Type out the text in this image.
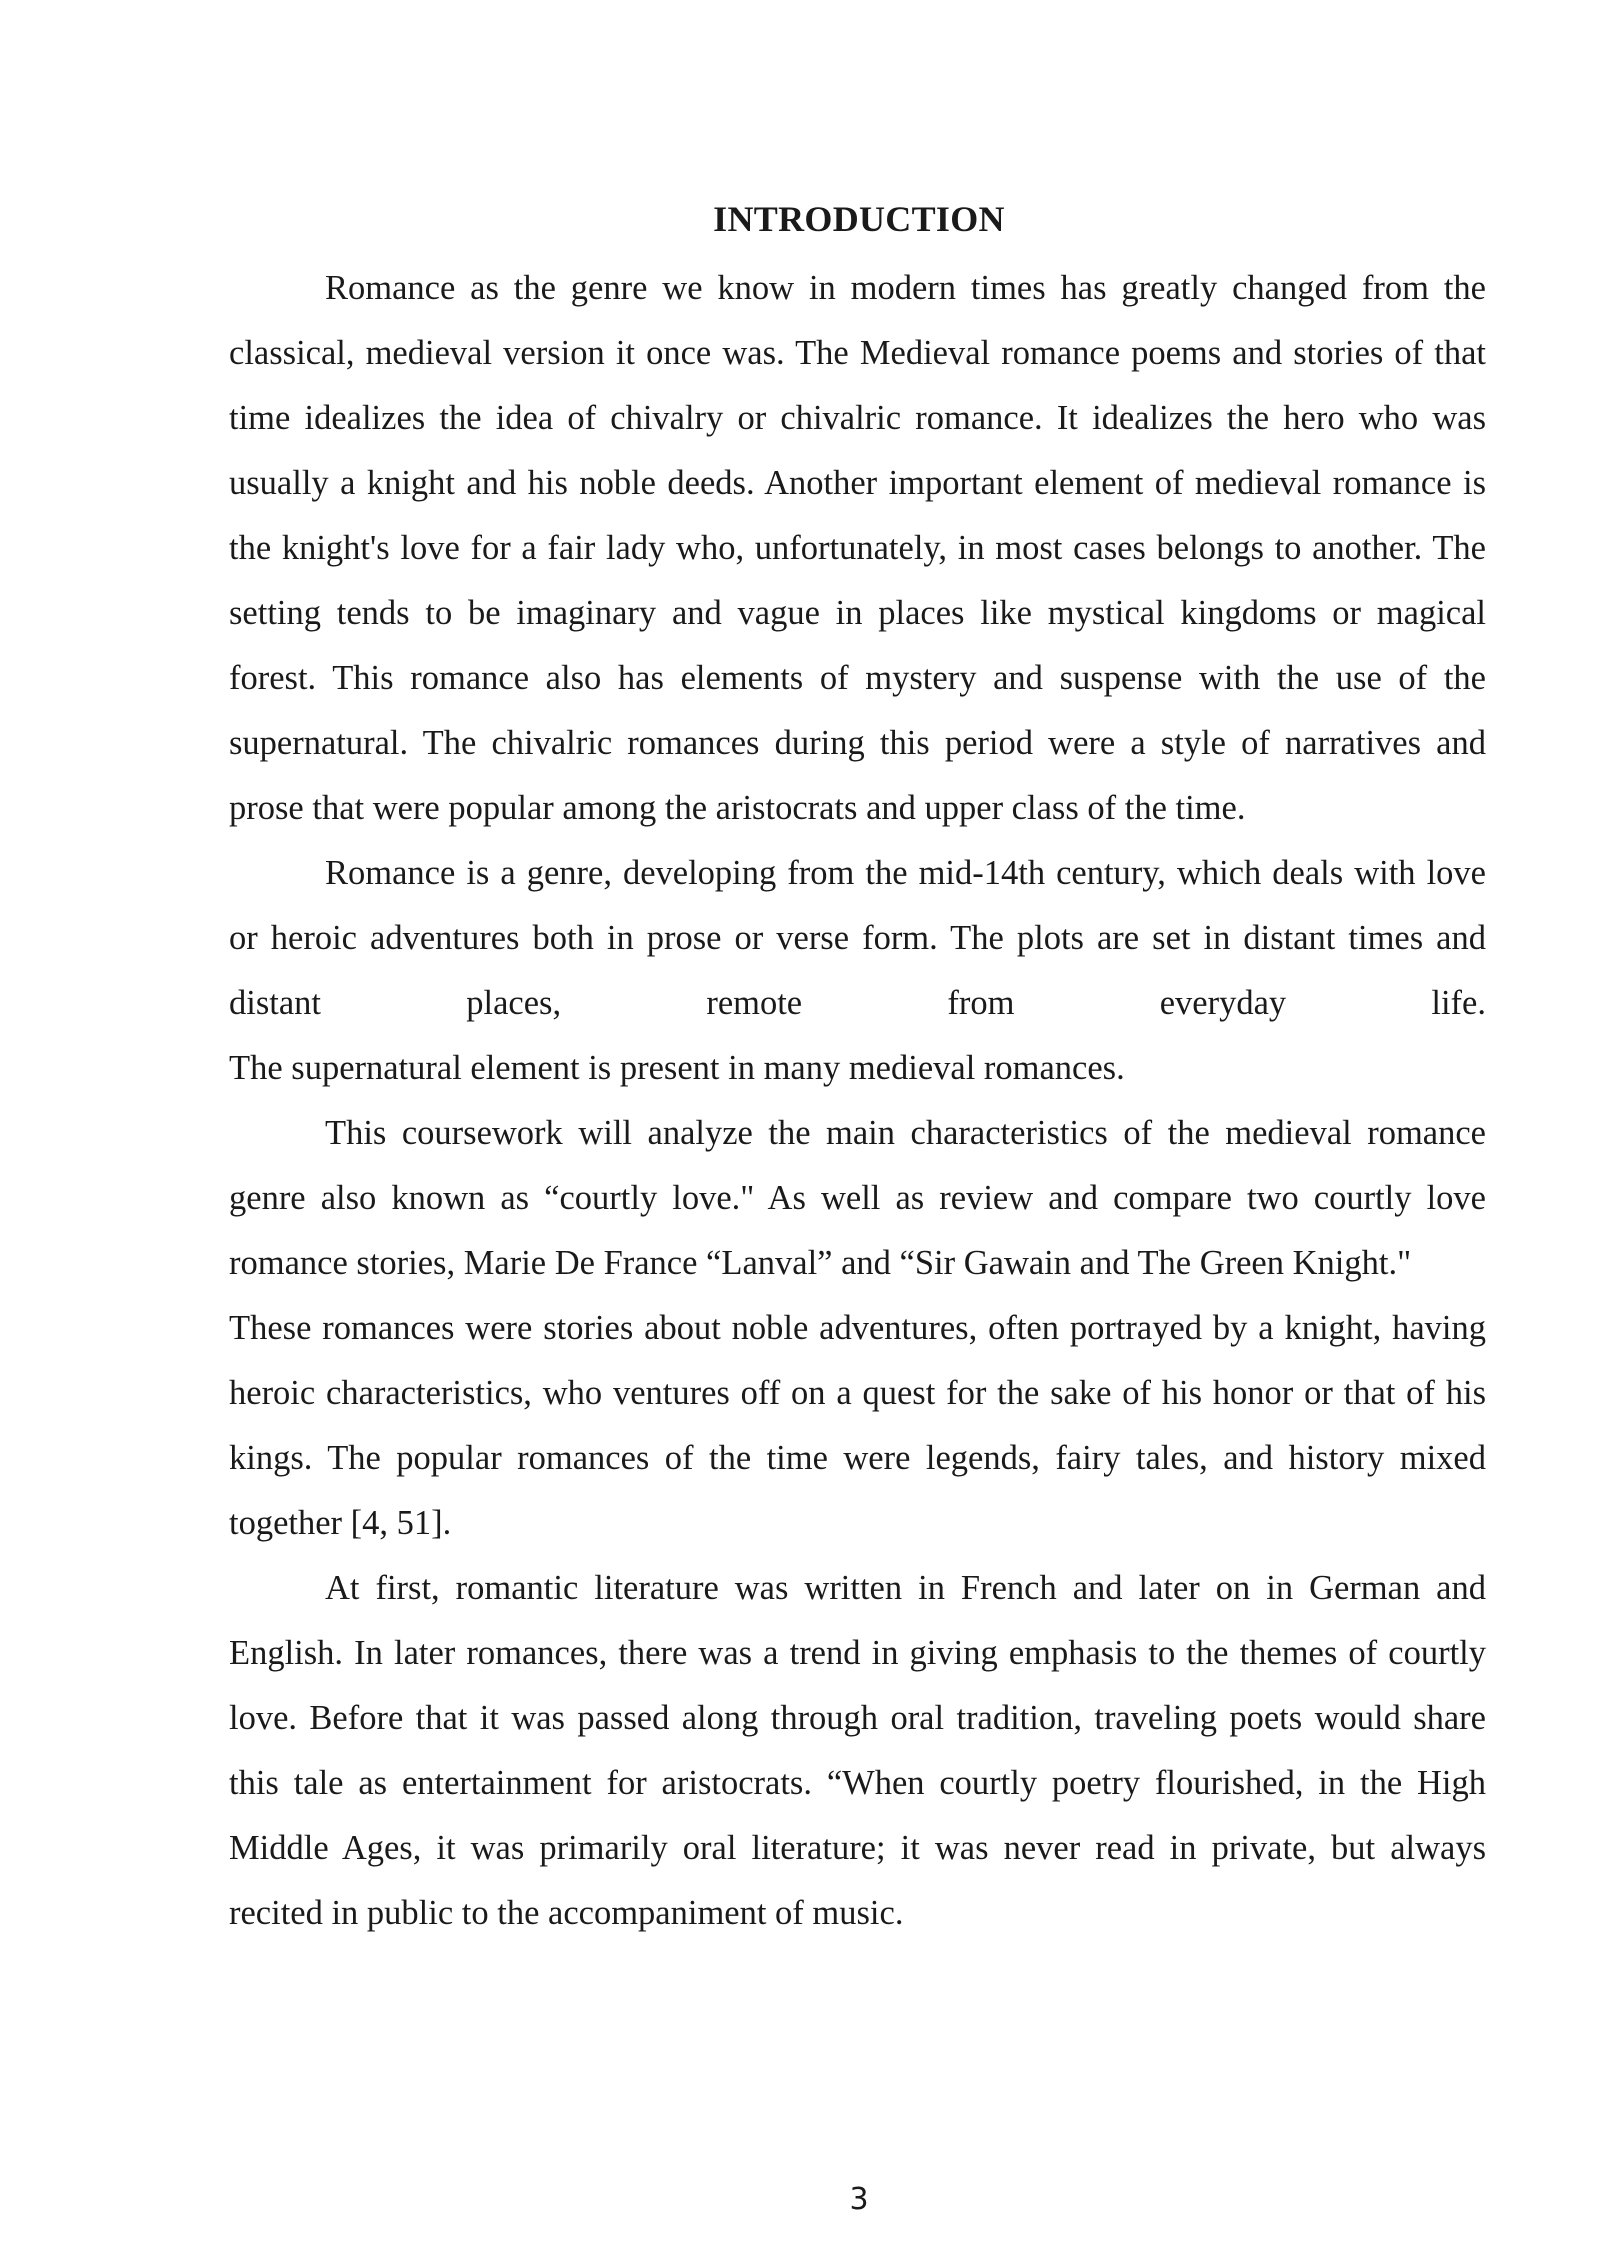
INTRODUCTION

Romance as the genre we know in modern times has greatly changed from the classical, medieval version it once was. The Medieval romance poems and stories of that time idealizes the idea of chivalry or chivalric romance. It idealizes the hero who was usually a knight and his noble deeds. Another important element of medieval romance is the knight's love for a fair lady who, unfortunately, in most cases belongs to another. The setting tends to be imaginary and vague in places like mystical kingdoms or magical forest. This romance also has elements of mystery and suspense with the use of the supernatural. The chivalric romances during this period were a style of narratives and prose that were popular among the aristocrats and upper class of the time.

Romance is a genre, developing from the mid-14th century, which deals with love or heroic adventures both in prose or verse form. The plots are set in distant times and distant places, remote from everyday life.

The supernatural element is present in many medieval romances.

This coursework will analyze the main characteristics of the medieval romance genre also known as “courtly love." As well as review and compare two courtly love romance stories, Marie De France “Lanval” and “Sir Gawain and The Green Knight."

These romances were stories about noble adventures, often portrayed by a knight, having heroic characteristics, who ventures off on a quest for the sake of his honor or that of his kings. The popular romances of the time were legends, fairy tales, and history mixed together [4, 51].

At first, romantic literature was written in French and later on in German and English. In later romances, there was a trend in giving emphasis to the themes of courtly love. Before that it was passed along through oral tradition, traveling poets would share this tale as entertainment for aristocrats. “When courtly poetry flourished, in the High Middle Ages, it was primarily oral literature; it was never read in private, but always recited in public to the accompaniment of music.

3
